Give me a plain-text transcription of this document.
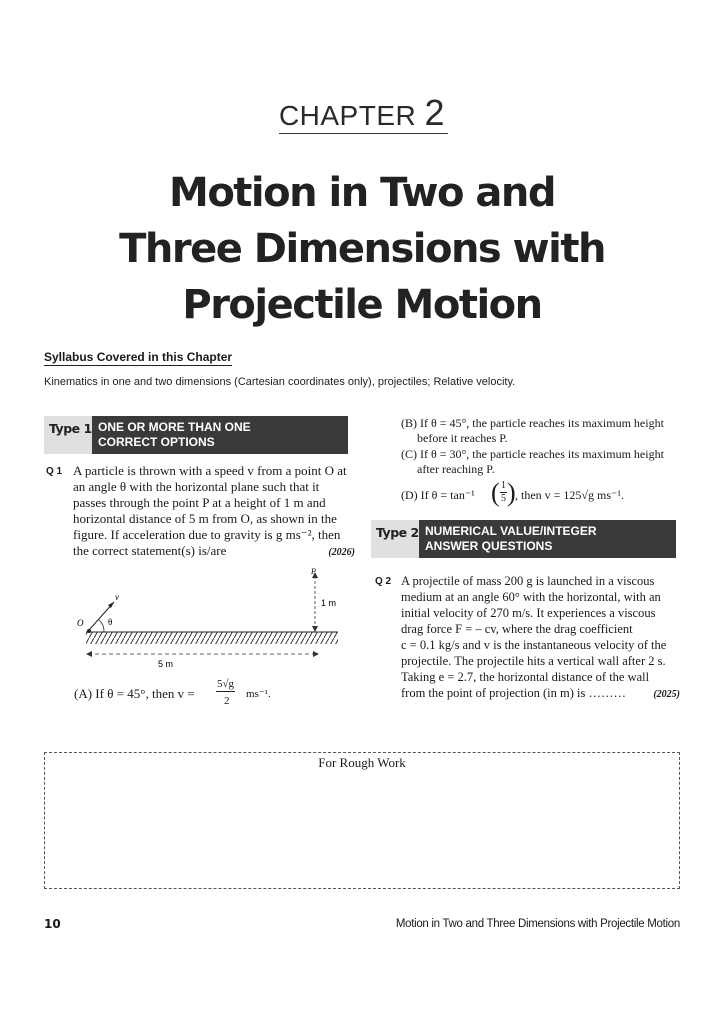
CHAPTER 2
Motion in Two and
Three Dimensions with
Projectile Motion
Syllabus Covered in this Chapter
Kinematics in one and two dimensions (Cartesian coordinates only), projectiles; Relative velocity.
Type 1 ONE OR MORE THAN ONE
CORRECT OPTIONS
Q 1 A particle is thrown with a speed v from a point O at
an angle θ with the horizontal plane such that it
passes through the point P at a height of 1 m and
horizontal distance of 5 m from O, as shown in the
figure. If acceleration due to gravity is g ms⁻², then
the correct statement(s) is/are	(2026)
O
v
θ
P
1 m
5 m
(A) If θ = 45°, then v =
5√g
2
ms⁻¹.
(B) If θ = 45°, the particle reaches its maximum height
before it reaches P.
(C) If θ = 30°, the particle reaches its maximum height
after reaching P.
(D) If θ = tan⁻¹ ( 1
5 ) , then v = 125√g ms⁻¹.
Type 2 NUMERICAL VALUE/INTEGER
ANSWER QUESTIONS
Q 2 A projectile of mass 200 g is launched in a viscous
medium at an angle 60° with the horizontal, with an
initial velocity of 270 m/s. It experiences a viscous
drag force F = – cv, where the drag coefficient
c = 0.1 kg/s and v is the instantaneous velocity of the
projectile. The projectile hits a vertical wall after 2 s.
Taking e = 2.7, the horizontal distance of the wall
from the point of projection (in m) is ………	(2025)
For Rough Work
10	Motion in Two and Three Dimensions with Projectile Motion
